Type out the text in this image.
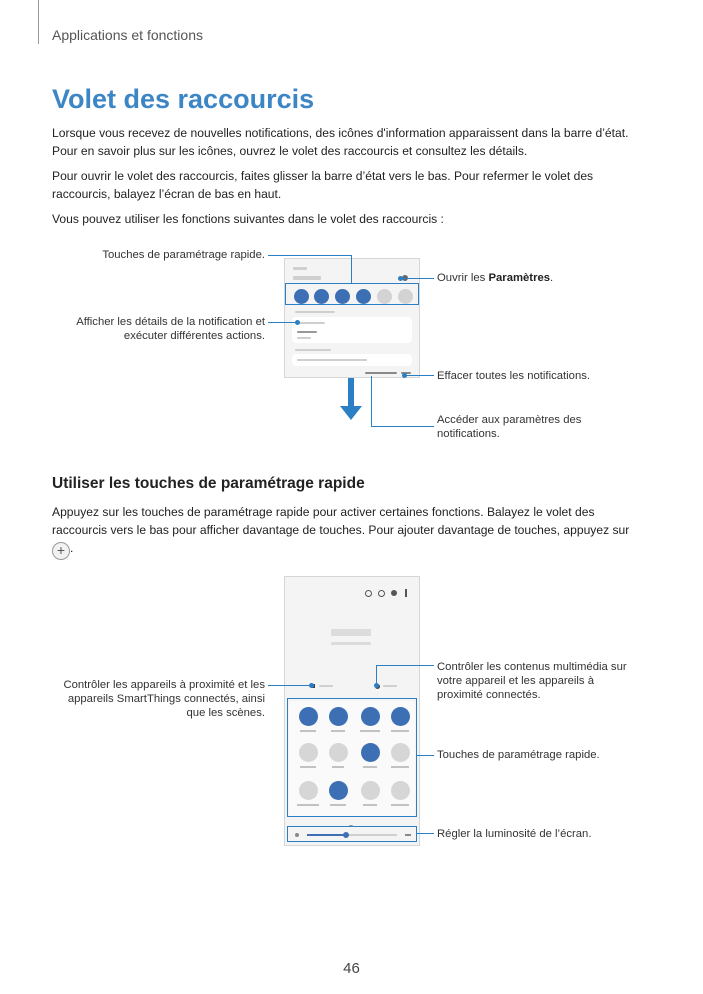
Applications et fonctions
Volet des raccourcis

Lorsque vous recevez de nouvelles notifications, des icônes d'information apparaissent dans la barre d’état. Pour en savoir plus sur les icônes, ouvrez le volet des raccourcis et consultez les détails.

Pour ouvrir le volet des raccourcis, faites glisser la barre d’état vers le bas. Pour refermer le volet des raccourcis, balayez l’écran de bas en haut.

Vous pouvez utiliser les fonctions suivantes dans le volet des raccourcis :

Touches de paramétrage rapide.
Ouvrir les Paramètres.
Afficher les détails de la notification et exécuter différentes actions.
Effacer toutes les notifications.
Accéder aux paramètres des notifications.
Utiliser les touches de paramétrage rapide

Appuyez sur les touches de paramétrage rapide pour activer certaines fonctions. Balayez le volet des raccourcis vers le bas pour afficher davantage de touches. Pour ajouter davantage de touches, appuyez sur
+ .

Contrôler les appareils à proximité et les appareils SmartThings connectés, ainsi que les scènes.
Contrôler les contenus multimédia sur votre appareil et les appareils à proximité connectés.
Touches de paramétrage rapide.
Régler la luminosité de l’écran.
46
